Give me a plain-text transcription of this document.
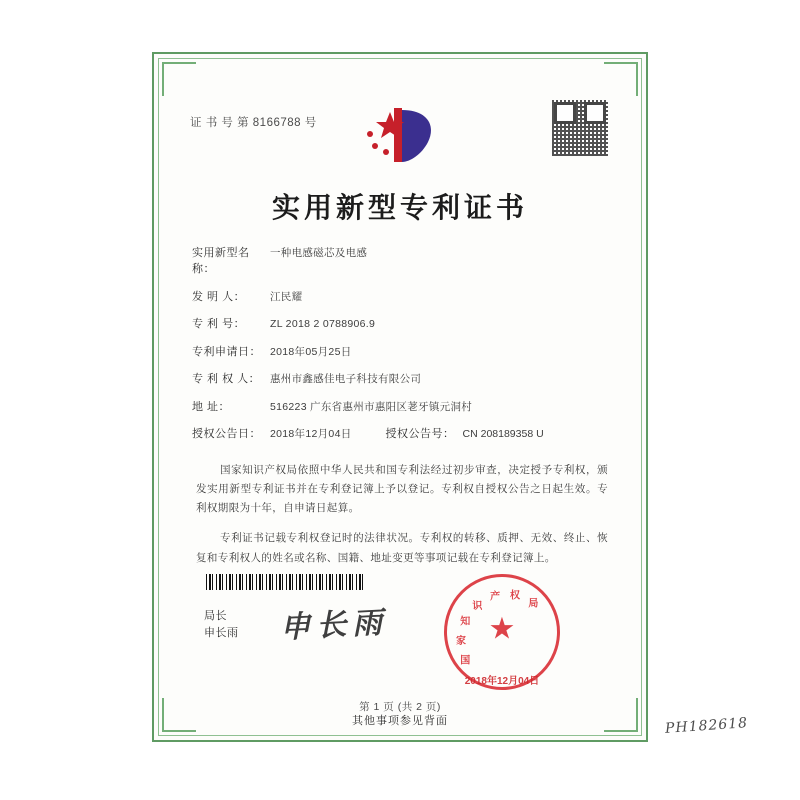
证 书 号 第 8166788 号
实用新型专利证书
实用新型名称：
一种电感磁芯及电感
发 明 人：	江民耀
专 利 号：	ZL 2018 2 0788906.9
专利申请日： 2018年05月25日
专 利 权 人： 惠州市鑫感佳电子科技有限公司
地 址：	516223 广东省惠州市惠阳区荖牙镇元洞村
授权公告日： 2018年12月04日	授权公告号： CN 208189358 U

国家知识产权局依照中华人民共和国专利法经过初步审查，决定授予专利权，颁发实用新型专利证书并在专利登记簿上予以登记。专利权自授权公告之日起生效。专利权期限为十年，自申请日起算。

专利证书记载专利权登记时的法律状况。专利权的转移、质押、无效、终止、恢复和专利权人的姓名或名称、国籍、地址变更等事项记载在专利登记簿上。

局长
申长雨 申长雨
国
家
知
识
产 权
局
★
2018年12月04日
第 1 页 (共 2 页)
其他事项参见背面	PH182618
